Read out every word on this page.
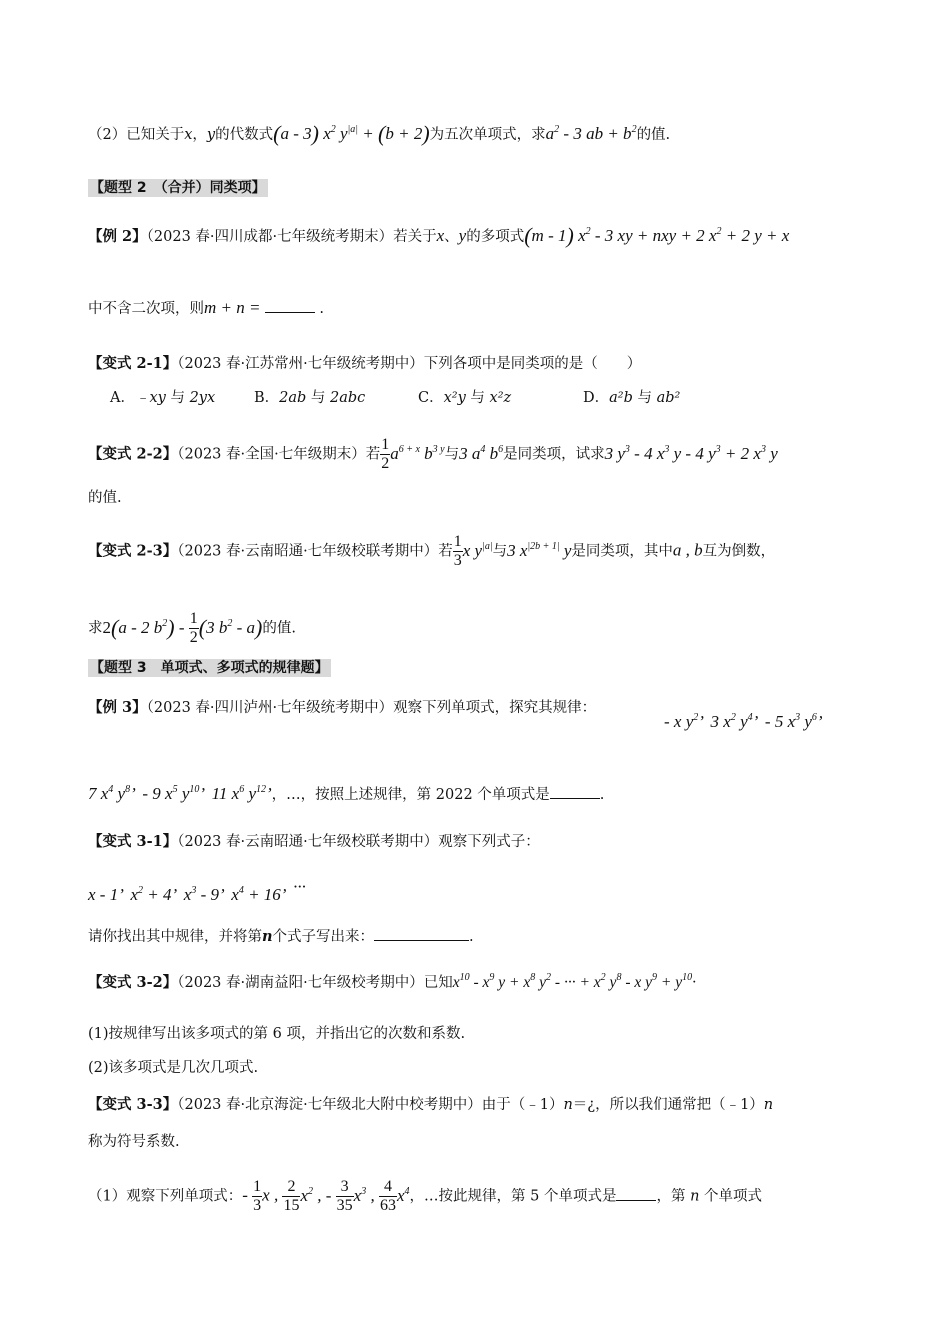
（2）已知关于x，y的代数式(a - 3) $x^2$ $y^{|a|} + (b + 2)$为五次单项式，求$a^2 - 3$ ab + $b^2$的值.
【题型 2　（合并）同类项】
【例 2】（2023 春·四川成都·七年级统考期末）若关于x、y的多项式(m - 1) $x^2 - 3$ xy + nxy + 2 $x^2 + 2$ y + x
中不含二次项，则m + n =	.
【变式 2-1】（2023 春·江苏常州·七年级统考期中）下列各项中是同类项的是（　　）
A．﹣xy 与 2yx	B．2ab 与 2abc	C．x²y 与 x²z	D．a²b 与 ab²
【变式 2-2】（2023 春·全国·七年级期末）若 $\frac{1}{2} a^{6 + x}$ $b^{3 y}$与3 $a^4$ $b^6$是同类项，试求3 $y^3 - 4$ $x^3$ y - 4 $y^3 + 2$ $x^3$ y
的值.
【变式 2-3】（2023 春·云南昭通·七年级校联考期中）若 $\frac{1}{3}$ x $y^{|a|}$与3 $x^{|2b + 1|}$ y是同类项，其中a , b互为倒数，
求2(a - 2 $b^2) - \frac{1}{2} (3$ $b^2 - a$)的值.
【题型 3　单项式、多项式的规律题】
【例 3】（2023 春·四川泸州·七年级统考期中）观察下列单项式，探究其规律：
- x $y^2$’  3 $x^2$ $y^4$’  - 5 $x^3$ $y^6$’
7 $x^4$ $y^8$’  - 9 $x^5$ $y^{10}$’  11 $x^6$ $y^{12}$’，…，按照上述规律，第 2022 个单项式是	.
【变式 3-1】（2023 春·云南昭通·七年级校联考期中）观察下列式子：
x - 1’  $x^2 + 4$’  $x^3 - 9$’  $x^4 + 16$’  ···
请你找出其中规律，并将第n个式子写出来：	.
【变式 3-2】（2023 春·湖南益阳·七年级校考期中）已知$x^{10} - x^9$ $y + x^8$ $y^2$ - ··· + $x^2$ $y^8$ - x $y^9 + y^{10}\cdot$
(1)按规律写出该多项式的第 6 项，并指出它的次数和系数.
(2)该多项式是几次几项式.
【变式 3-3】（2023 春·北京海淀·七年级北大附中校考期中）由于（﹣1）n＝¿，所以我们通常把（﹣1）n
称为符号系数.
（1）观察下列单项式：- $\frac{1}{3}$ x , $\frac{2}{15} x^2$ , - $\frac{3}{35} x^3$ , $\frac{4}{63} x^4$，…按此规律，第 5 个单项式是	，第 n 个单项式
